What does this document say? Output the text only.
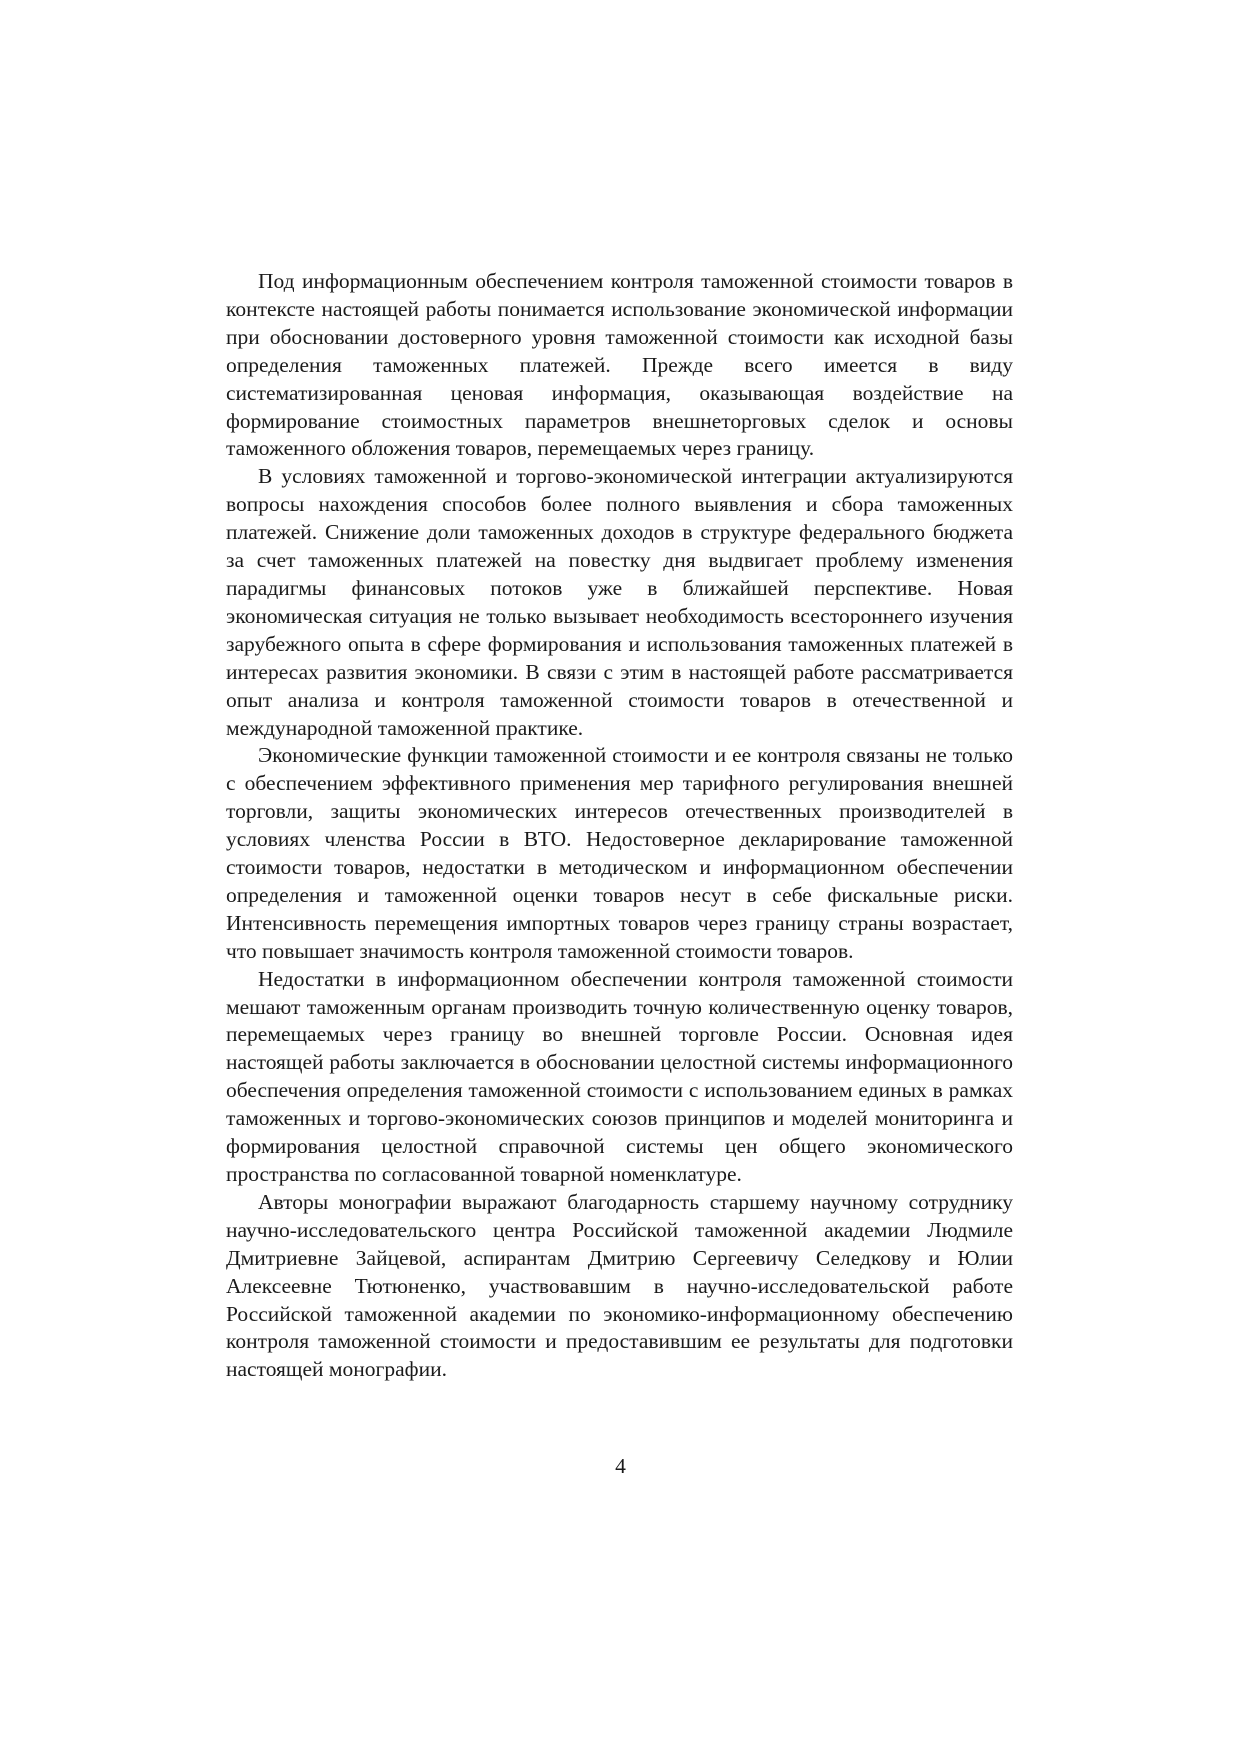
Под информационным обеспечением контроля таможенной стоимости товаров в контексте настоящей работы понимается использование экономической информации при обосновании достоверного уровня таможенной стоимости как исходной базы определения таможенных платежей. Прежде всего имеется в виду систематизированная ценовая информация, оказывающая воздействие на формирование стоимостных параметров внешнеторговых сделок и основы таможенного обложения товаров, перемещаемых через границу.

В условиях таможенной и торгово-экономической интеграции актуализируются вопросы нахождения способов более полного выявления и сбора таможенных платежей. Снижение доли таможенных доходов в структуре федерального бюджета за счет таможенных платежей на повестку дня выдвигает проблему изменения парадигмы финансовых потоков уже в ближайшей перспективе. Новая экономическая ситуация не только вызывает необходимость всестороннего изучения зарубежного опыта в сфере формирования и использования таможенных платежей в интересах развития экономики. В связи с этим в настоящей работе рассматривается опыт анализа и контроля таможенной стоимости товаров в отечественной и международной таможенной практике.

Экономические функции таможенной стоимости и ее контроля связаны не только с обеспечением эффективного применения мер тарифного регулирования внешней торговли, защиты экономических интересов отечественных производителей в условиях членства России в ВТО. Недостоверное декларирование таможенной стоимости товаров, недостатки в методическом и информационном обеспечении определения и таможенной оценки товаров несут в себе фискальные риски. Интенсивность перемещения импортных товаров через границу страны возрастает, что повышает значимость контроля таможенной стоимости товаров.

Недостатки в информационном обеспечении контроля таможенной стоимости мешают таможенным органам производить точную количественную оценку товаров, перемещаемых через границу во внешней торговле России. Основная идея настоящей работы заключается в обосновании целостной системы информационного обеспечения определения таможенной стоимости с использованием единых в рамках таможенных и торгово-экономических союзов принципов и моделей мониторинга и формирования целостной справочной системы цен общего экономического пространства по согласованной товарной номенклатуре.

Авторы монографии выражают благодарность старшему научному сотруднику научно-исследовательского центра Российской таможенной академии Людмиле Дмитриевне Зайцевой, аспирантам Дмитрию Сергеевичу Селедкову и Юлии Алексеевне Тютюненко, участвовавшим в научно-исследовательской работе Российской таможенной академии по экономико-информационному обеспечению контроля таможенной стоимости и предоставившим ее результаты для подготовки настоящей монографии.

4
